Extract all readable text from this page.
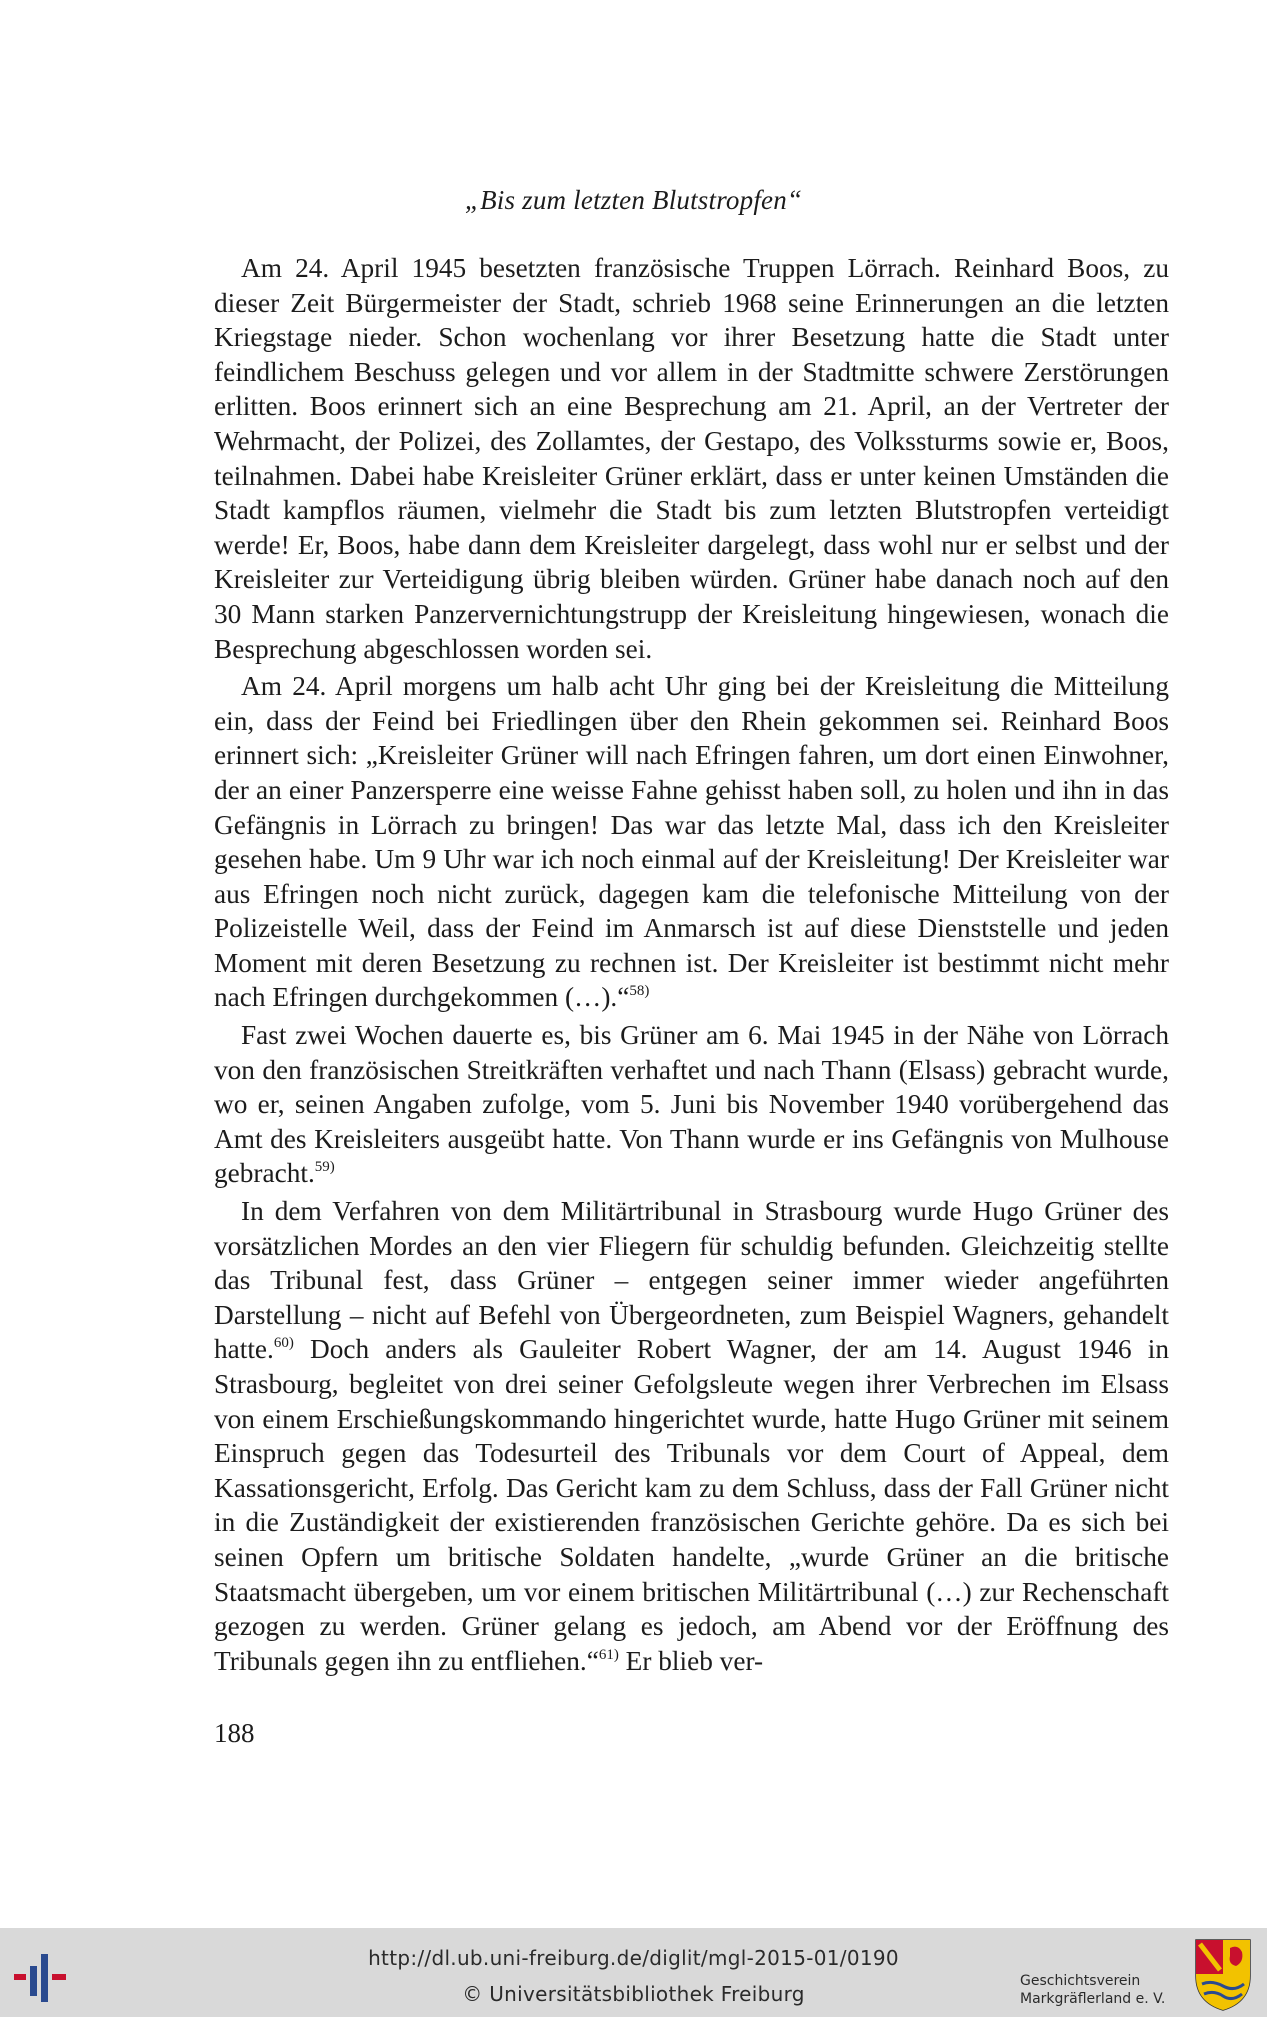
„Bis zum letzten Blutstropfen“

Am 24. April 1945 besetzten französische Truppen Lörrach. Reinhard Boos, zu dieser Zeit Bürgermeister der Stadt, schrieb 1968 seine Erinnerungen an die letzten Kriegstage nieder. Schon wochenlang vor ihrer Besetzung hatte die Stadt unter feindlichem Beschuss gelegen und vor allem in der Stadtmitte schwere Zerstörungen erlitten. Boos erinnert sich an eine Besprechung am 21. April, an der Vertreter der Wehrmacht, der Polizei, des Zollamtes, der Gestapo, des Volkssturms sowie er, Boos, teilnahmen. Dabei habe Kreisleiter Grüner erklärt, dass er unter keinen Umständen die Stadt kampflos räumen, vielmehr die Stadt bis zum letzten Blutstropfen verteidigt werde! Er, Boos, habe dann dem Kreisleiter dargelegt, dass wohl nur er selbst und der Kreisleiter zur Verteidigung übrig bleiben würden. Grüner habe danach noch auf den 30 Mann starken Panzervernichtungstrupp der Kreisleitung hingewiesen, wonach die Besprechung abgeschlossen worden sei.

Am 24. April morgens um halb acht Uhr ging bei der Kreisleitung die Mitteilung ein, dass der Feind bei Friedlingen über den Rhein gekommen sei. Reinhard Boos erinnert sich: „Kreisleiter Grüner will nach Efringen fahren, um dort einen Einwohner, der an einer Panzersperre eine weisse Fahne gehisst haben soll, zu holen und ihn in das Gefängnis in Lörrach zu bringen! Das war das letzte Mal, dass ich den Kreisleiter gesehen habe. Um 9 Uhr war ich noch einmal auf der Kreisleitung! Der Kreisleiter war aus Efringen noch nicht zurück, dagegen kam die telefonische Mitteilung von der Polizeistelle Weil, dass der Feind im Anmarsch ist auf diese Dienststelle und jeden Moment mit deren Besetzung zu rechnen ist. Der Kreisleiter ist bestimmt nicht mehr nach Efringen durchgekommen (…).“$^{58)}$

Fast zwei Wochen dauerte es, bis Grüner am 6. Mai 1945 in der Nähe von Lörrach von den französischen Streitkräften verhaftet und nach Thann (Elsass) gebracht wurde, wo er, seinen Angaben zufolge, vom 5. Juni bis November 1940 vorübergehend das Amt des Kreisleiters ausgeübt hatte. Von Thann wurde er ins Gefängnis von Mulhouse gebracht.$^{59)}$

In dem Verfahren von dem Militärtribunal in Strasbourg wurde Hugo Grüner des vorsätzlichen Mordes an den vier Fliegern für schuldig befunden. Gleichzeitig stellte das Tribunal fest, dass Grüner – entgegen seiner immer wieder angeführten Darstellung – nicht auf Befehl von Übergeordneten, zum Beispiel Wagners, gehandelt hatte.$^{60)}$ Doch anders als Gauleiter Robert Wagner, der am 14. August 1946 in Strasbourg, begleitet von drei seiner Gefolgsleute wegen ihrer Verbrechen im Elsass von einem Erschießungskommando hingerichtet wurde, hatte Hugo Grüner mit seinem Einspruch gegen das Todesurteil des Tribunals vor dem Court of Appeal, dem Kassationsgericht, Erfolg. Das Gericht kam zu dem Schluss, dass der Fall Grüner nicht in die Zuständigkeit der existierenden französischen Gerichte gehöre. Da es sich bei seinen Opfern um britische Soldaten handelte, „wurde Grüner an die britische Staatsmacht übergeben, um vor einem britischen Militärtribunal (…) zur Rechenschaft gezogen zu werden. Grüner gelang es jedoch, am Abend vor der Eröffnung des Tribunals gegen ihn zu entfliehen.“$^{61)}$ Er blieb ver-

188
http://dl.ub.uni-freiburg.de/diglit/mgl-2015-01/0190
© Universitätsbibliothek Freiburg
Geschichtsverein
Markgräflerland e. V.
